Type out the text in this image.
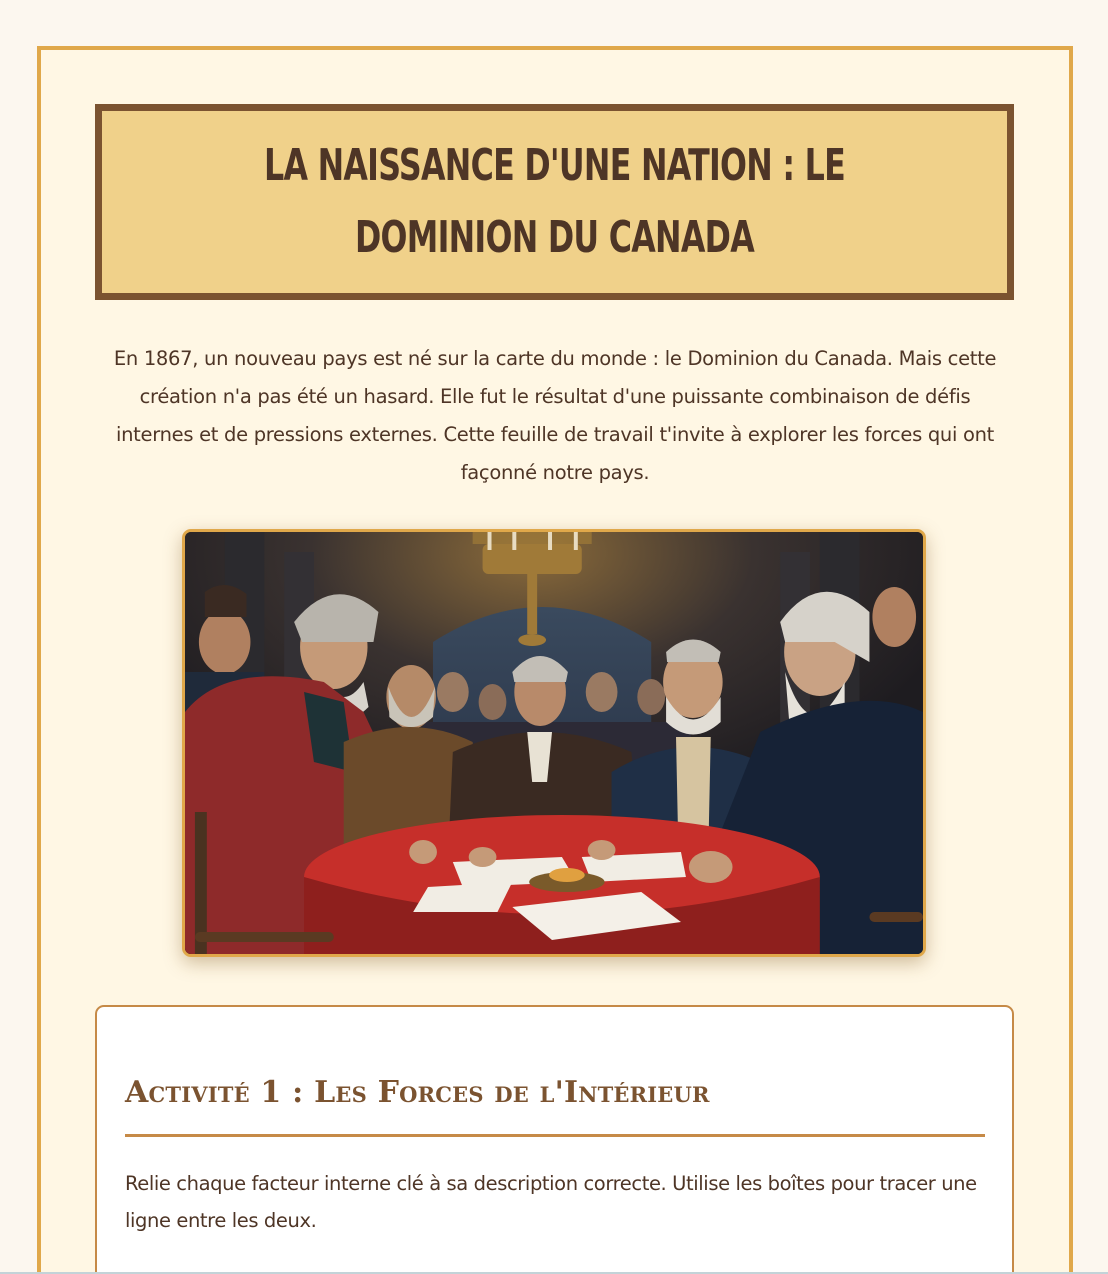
LA NAISSANCE D'UNE NATION : LE DOMINION DU CANADA

En 1867, un nouveau pays est né sur la carte du monde : le Dominion du Canada. Mais cette création n'a pas été un hasard. Elle fut le résultat d'une puissante combinaison de défis internes et de pressions externes. Cette feuille de travail t'invite à explorer les forces qui ont façonné notre pays.

Activité 1 : Les Forces de l'Intérieur

Relie chaque facteur interne clé à sa description correcte. Utilise les boîtes pour tracer une ligne entre les deux.
